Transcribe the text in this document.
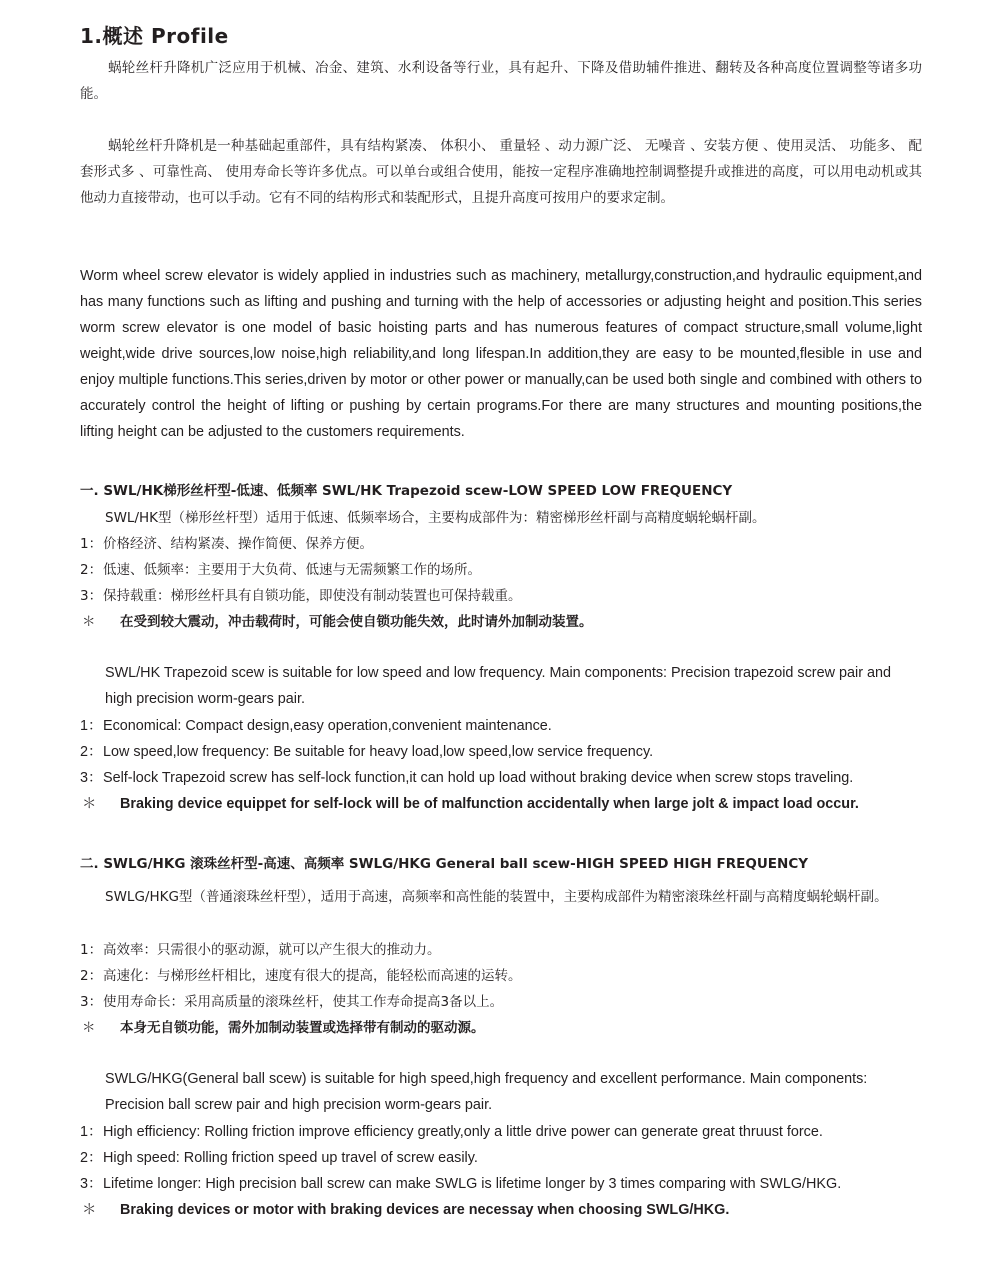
1.概述 Profile

蜗轮丝杆升降机广泛应用于机械、冶金、建筑、水利设备等行业，具有起升、下降及借助辅件推进、翻转及各种高度位置调整等诸多功能。

蜗轮丝杆升降机是一种基础起重部件，具有结构紧凑、 体积小、 重量轻 、动力源广泛、 无噪音 、安装方便 、使用灵活、 功能多、 配套形式多 、可靠性高、 使用寿命长等许多优点。可以单台或组合使用，能按一定程序准确地控制调整提升或推进的高度，可以用电动机或其他动力直接带动，也可以手动。它有不同的结构形式和装配形式，且提升高度可按用户的要求定制。

Worm wheel screw elevator is widely applied in industries such as machinery, metallurgy,construction,and hydraulic equipment,and has many functions such as lifting and pushing and turning with the help of accessories or adjusting height and position.This series worm screw elevator is one model of basic hoisting parts and has numerous features of compact structure,small volume,light weight,wide drive sources,low noise,high reliability,and long lifespan.In addition,they are easy to be mounted,flesible in use and enjoy multiple functions.This series,driven by motor or other power or manually,can be used both single and combined with others to accurately control the height of lifting or pushing by certain programs.For there are many structures and mounting positions,the lifting height can be adjusted to the customers requirements.

一. SWL/HK梯形丝杆型-低速、低频率 SWL/HK Trapezoid scew-LOW SPEED LOW FREQUENCY

SWL/HK型（梯形丝杆型）适用于低速、低频率场合，主要构成部件为：精密梯形丝杆副与高精度蜗轮蜗杆副。

1：价格经济、结构紧凑、操作简便、保养方便。
2：低速、低频率：主要用于大负荷、低速与无需频繁工作的场所。
3：保持载重：梯形丝杆具有自锁功能，即使没有制动装置也可保持载重。
＊ 在受到较大震动，冲击载荷时，可能会使自锁功能失效，此时请外加制动装置。

SWL/HK Trapezoid scew is suitable for low speed and low frequency. Main components: Precision trapezoid screw pair and high precision worm-gears pair.

1：Economical: Compact design,easy operation,convenient maintenance.
2：Low speed,low frequency: Be suitable for heavy load,low speed,low service frequency.
3：Self-lock Trapezoid screw has self-lock function,it can hold up load without braking device when screw stops traveling.
＊ Braking device equippet for self-lock will be of malfunction accidentally when large jolt & impact load occur.
二. SWLG/HKG 滚珠丝杆型-高速、高频率 SWLG/HKG General ball scew-HIGH SPEED HIGH FREQUENCY

SWLG/HKG型（普通滚珠丝杆型），适用于高速，高频率和高性能的装置中，主要构成部件为精密滚珠丝杆副与高精度蜗轮蜗杆副。

1：高效率：只需很小的驱动源，就可以产生很大的推动力。
2：高速化：与梯形丝杆相比，速度有很大的提高，能轻松而高速的运转。
3：使用寿命长：采用高质量的滚珠丝杆，使其工作寿命提高3备以上。
＊ 本身无自锁功能，需外加制动装置或选择带有制动的驱动源。

SWLG/HKG(General ball scew) is suitable for high speed,high frequency and excellent performance. Main components: Precision ball screw pair and high precision worm-gears pair.

1：High efficiency: Rolling friction improve efficiency greatly,only a little drive power can generate great thruust force.
2：High speed: Rolling friction speed up travel of screw easily.
3：Lifetime longer: High precision ball screw can make SWLG is lifetime longer by 3 times comparing with SWLG/HKG.
＊ Braking devices or motor with braking devices are necessay when choosing SWLG/HKG.
